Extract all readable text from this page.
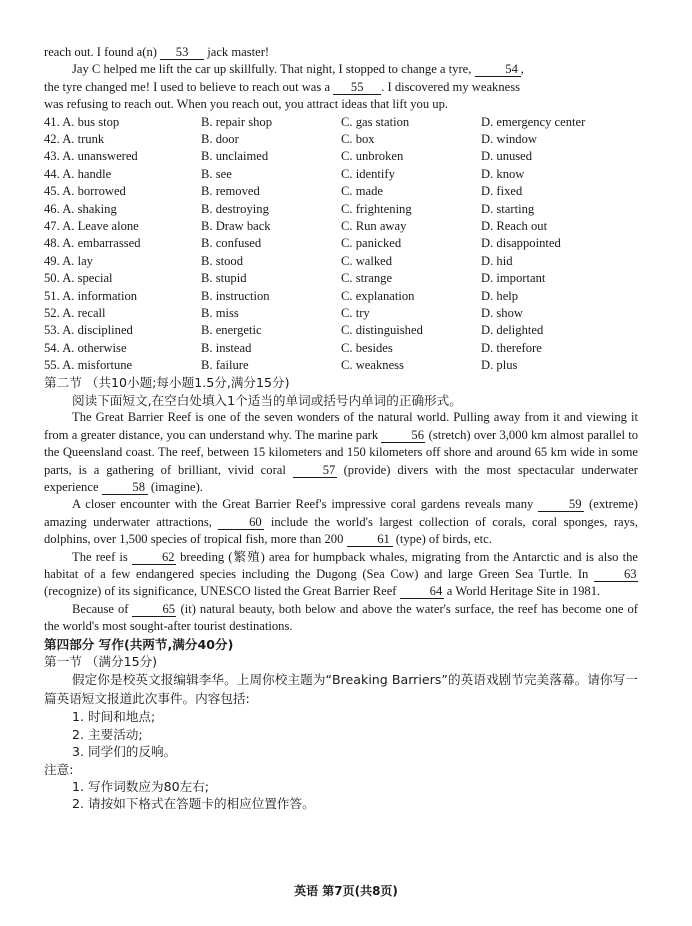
reach out. I found a(n) 53 jack master!

Jay C helped me lift the car up skillfully. That night, I stopped to change a tyre, 54 ,

the tyre changed me! I used to believe to reach out was a 55 . I discovered my weakness

was refusing to reach out. When you reach out, you attract ideas that lift you up.

41. A. bus stop	B. repair shop	C. gas station	D. emergency center
42. A. trunk	B. door	C. box	D. window
43. A. unanswered	B. unclaimed	C. unbroken	D. unused
44. A. handle	B. see	C. identify	D. know
45. A. borrowed	B. removed	C. made	D. fixed
46. A. shaking	B. destroying	C. frightening	D. starting
47. A. Leave alone	B. Draw back	C. Run away	D. Reach out
48. A. embarrassed	B. confused	C. panicked	D. disappointed
49. A. lay	B. stood	C. walked	D. hid
50. A. special	B. stupid	C. strange	D. important
51. A. information	B. instruction	C. explanation	D. help
52. A. recall	B. miss	C. try	D. show
53. A. disciplined	B. energetic	C. distinguished	D. delighted
54. A. otherwise	B. instead	C. besides	D. therefore
55. A. misfortune	B. failure	C. weakness	D. plus

第二节 （共10小题;每小题1.5分,满分15分)

阅读下面短文,在空白处填入1个适当的单词或括号内单词的正确形式。

The Great Barrier Reef is one of the seven wonders of the natural world. Pulling away from it and viewing it from a greater distance, you can understand why. The marine park 56 (stretch) over 3,000 km almost parallel to the Queensland coast. The reef, between 15 kilometers and 150 kilometers off shore and around 65 km wide in some parts, is a gathering of brilliant, vivid coral 57 (provide) divers with the most spectacular underwater experience 58 (imagine).

A closer encounter with the Great Barrier Reef's impressive coral gardens reveals many 59 (extreme) amazing underwater attractions, 60 include the world's largest collection of corals, coral sponges, rays, dolphins, over 1,500 species of tropical fish, more than 200 61 (type) of birds, etc.

The reef is 62 breeding (繁殖) area for humpback whales, migrating from the Antarctic and is also the habitat of a few endangered species including the Dugong (Sea Cow) and large Green Sea Turtle. In 63 (recognize) of its significance, UNESCO listed the Great Barrier Reef 64 a World Heritage Site in 1981.

Because of 65 (it) natural beauty, both below and above the water's surface, the reef has become one of the world's most sought-after tourist destinations.

第四部分 写作(共两节,满分40分)

第一节 （满分15分)

假定你是校英文报编辑李华。上周你校主题为“Breaking Barriers”的英语戏剧节完美落幕。请你写一篇英语短文报道此次事件。内容包括:

1. 时间和地点;

2. 主要活动;

3. 同学们的反响。

注意:

1. 写作词数应为80左右;

2. 请按如下格式在答题卡的相应位置作答。

英语 第7页(共8页)
